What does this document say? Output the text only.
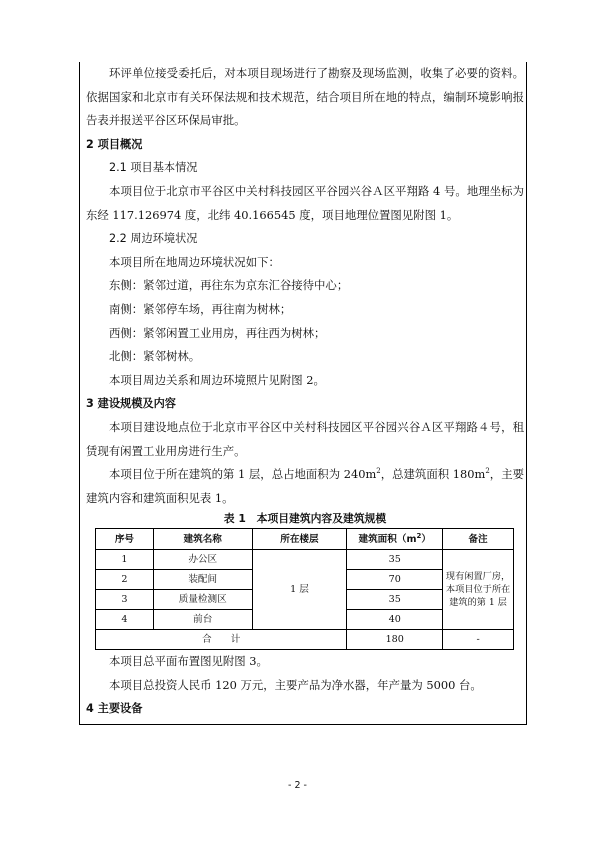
环评单位接受委托后，对本项目现场进行了勘察及现场监测，收集了必要的资料。依据国家和北京市有关环保法规和技术规范，结合项目所在地的特点，编制环境影响报告表并报送平谷区环保局审批。

2 项目概况

2.1 项目基本情况

本项目位于北京市平谷区中关村科技园区平谷园兴谷Ａ区平翔路 4 号。地理坐标为东经 117.126974 度，北纬 40.166545 度，项目地理位置图见附图 1。

2.2 周边环境状况

本项目所在地周边环境状况如下：

东侧：紧邻过道，再往东为京东汇谷接待中心；

南侧：紧邻停车场，再往南为树林；

西侧：紧邻闲置工业用房，再往西为树林；

北侧：紧邻树林。

本项目周边关系和周边环境照片见附图 2。

3 建设规模及内容

本项目建设地点位于北京市平谷区中关村科技园区平谷园兴谷Ａ区平翔路４号，租赁现有闲置工业用房进行生产。

本项目位于所在建筑的第 1 层，总占地面积为 $240m^2$，总建筑面积 $180m^2$，主要建筑内容和建筑面积见表 1。

表 1　本项目建筑内容及建筑规模

序号	建筑名称	所在楼层	建筑面积$(m^2)$	备注
1	办公区	1 层	35	现有闲置厂房，本项目位于所在建筑的第 1 层
2	装配间		70	
3	质量检测区		35	
4	前台		40	
合　　计			180	-

本项目总平面布置图见附图 3。

本项目总投资人民币 120 万元，主要产品为净水器，年产量为 5000 台。

4 主要设备

- 2 -
